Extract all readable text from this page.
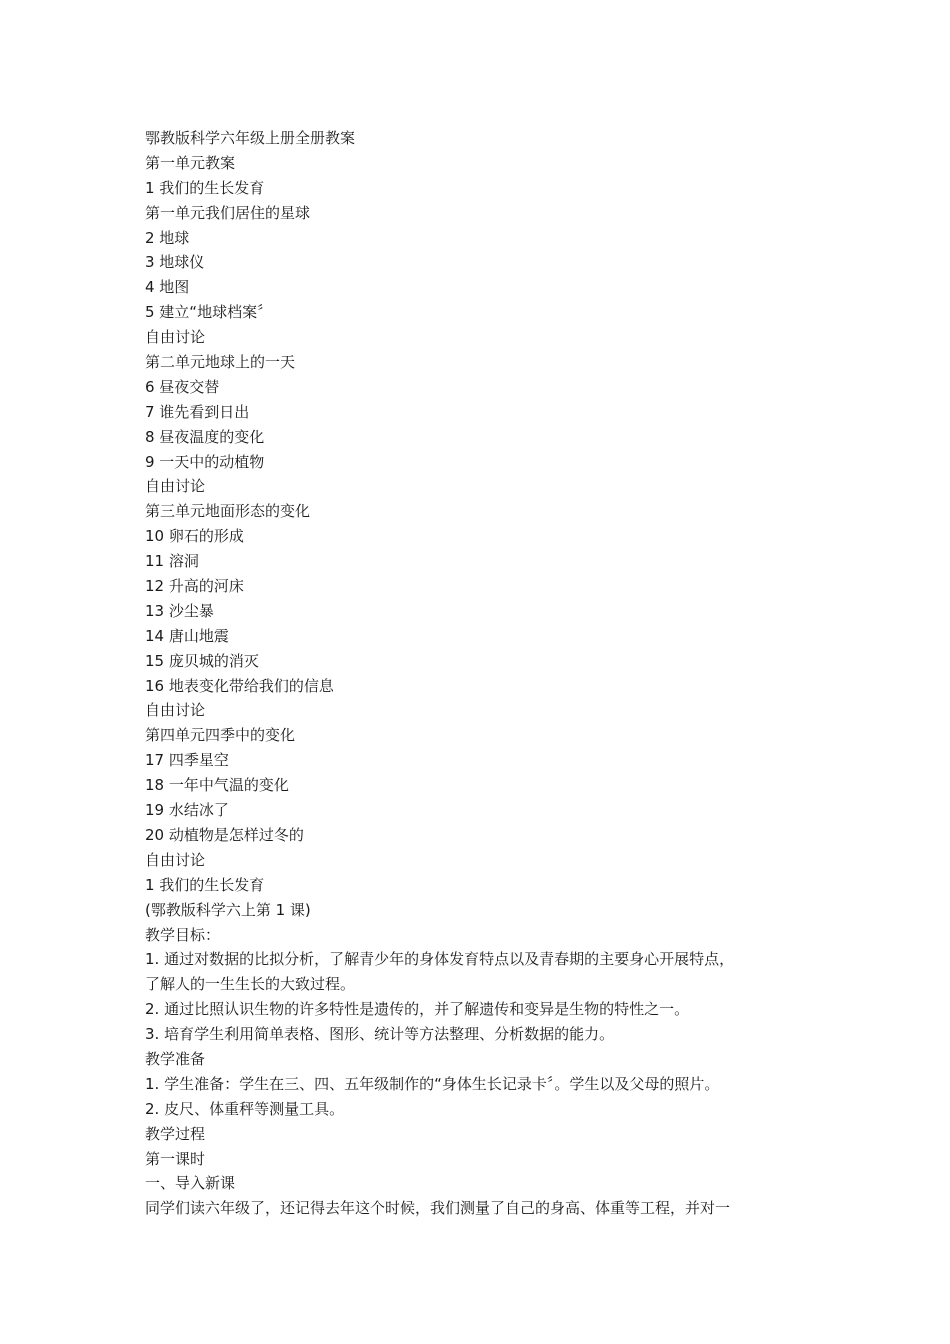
鄂教版科学六年级上册全册教案
第一单元教案
1 我们的生长发育
第一单元我们居住的星球
2 地球
3 地球仪
4 地图
5 建立“地球档案〞
自由讨论
第二单元地球上的一天
6 昼夜交替
7 谁先看到日出
8 昼夜温度的变化
9 一天中的动植物
自由讨论
第三单元地面形态的变化
10 卵石的形成
11 溶洞
12 升高的河床
13 沙尘暴
14 唐山地震
15 庞贝城的消灭
16 地表变化带给我们的信息
自由讨论
第四单元四季中的变化
17 四季星空
18 一年中气温的变化
19 水结冰了
20 动植物是怎样过冬的
自由讨论
1 我们的生长发育
(鄂教版科学六上第 1 课)
教学目标：
1. 通过对数据的比拟分析，了解青少年的身体发育特点以及青春期的主要身心开展特点，
了解人的一生生长的大致过程。
2. 通过比照认识生物的许多特性是遗传的，并了解遗传和变异是生物的特性之一。
3. 培育学生利用简单表格、图形、统计等方法整理、分析数据的能力。
教学准备
1. 学生准备：学生在三、四、五年级制作的“身体生长记录卡〞。学生以及父母的照片。
2. 皮尺、体重秤等测量工具。
教学过程
第一课时
一、导入新课
同学们读六年级了，还记得去年这个时候，我们测量了自己的身高、体重等工程，并对一
